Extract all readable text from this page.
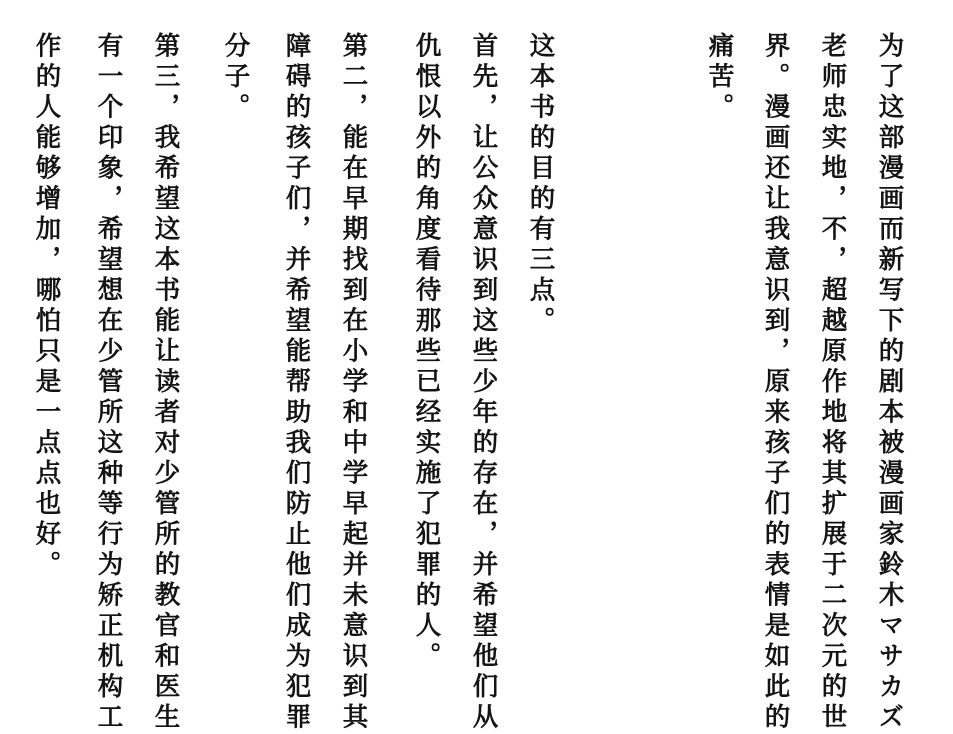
为了这部漫画而新写下的剧本被漫画家鈴木マサカズ
老师忠实地，不，超越原作地将其扩展于二次元的世
界。漫画还让我意识到，原来孩子们的表情是如此的
痛苦。
这本书的目的有三点。
首先，让公众意识到这些少年的存在，并希望他们从
仇恨以外的角度看待那些已经实施了犯罪的人。
第二，能在早期找到在小学和中学早起并未意识到其
障碍的孩子们，并希望能帮助我们防止他们成为犯罪
分子。
第三，我希望这本书能让读者对少管所的教官和医生
有一个印象，希望想在少管所这种等行为矫正机构工
作的人能够增加，哪怕只是一点点也好。
